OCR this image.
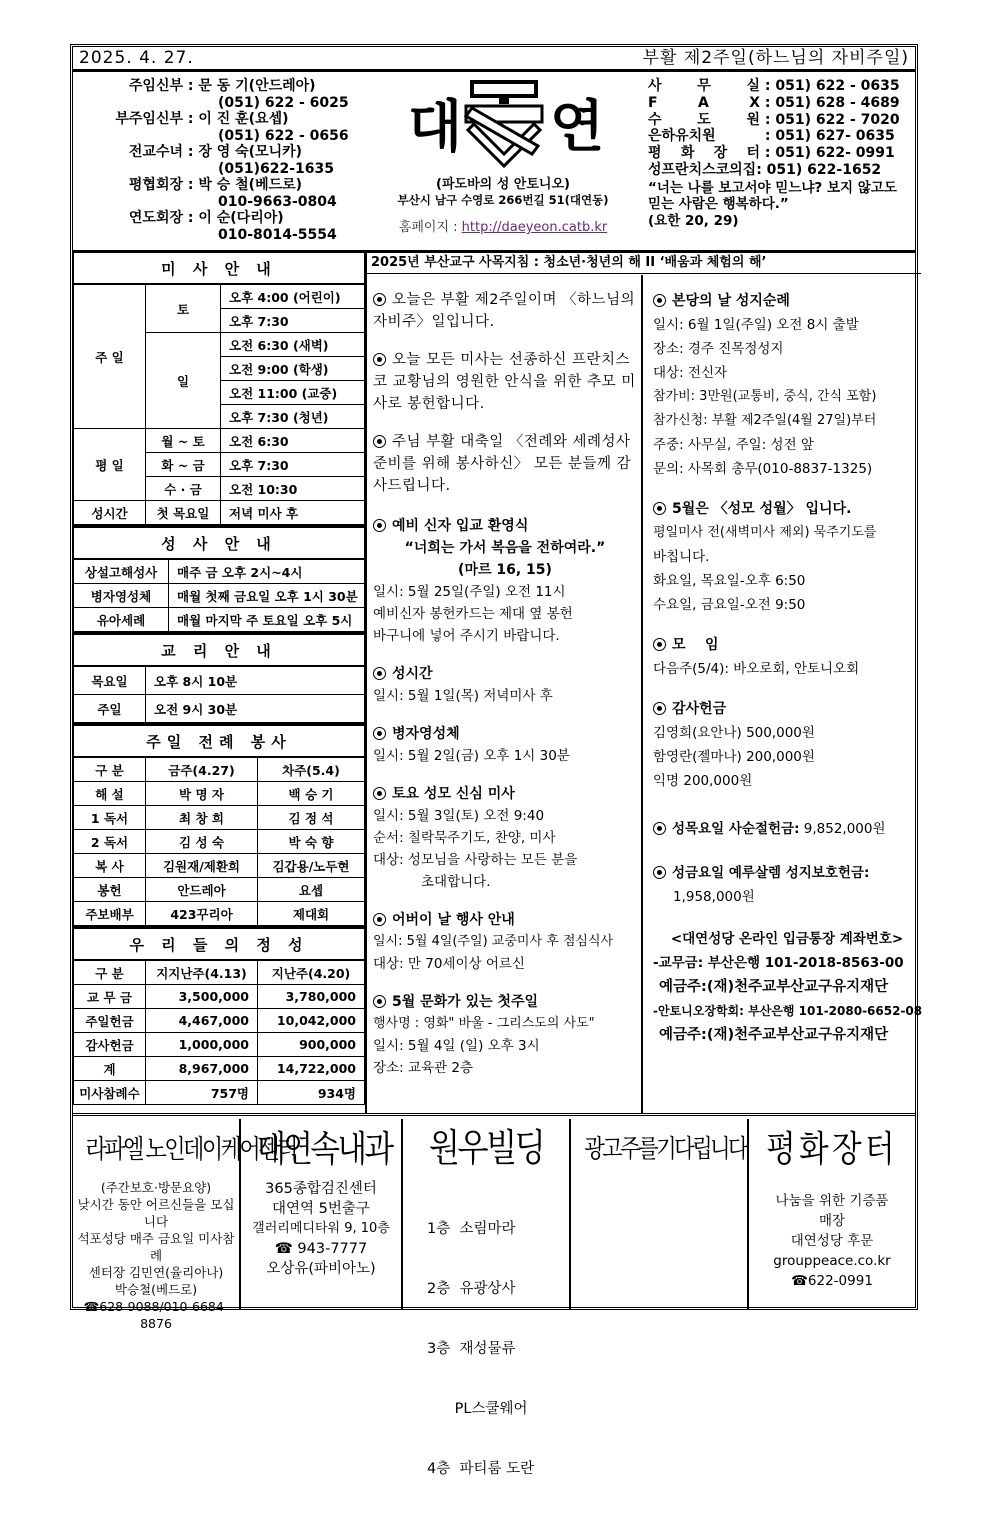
2025. 4. 27.	부활 제2주일(하느님의 자비주일)
주임신부 : 문 동 기(안드레아)
(051) 622 - 6025
부주임신부 : 이 진 훈(요셉)
(051) 622 - 0656
전교수녀 : 장 영 숙(모니카)
(051)622-1635
평협회장 : 박 승 철(베드로)
010-9663-0804
연도회장 : 이 순(다리아)
010-8014-5554
대 연
(파도바의 성 안토니오)
부산시 남구 수영로 266번길 51(대연동)
홈페이지 : http://daeyeon.catb.kr
사 무 실 : 051) 622 - 0635
F A X : 051) 628 - 4689
수 도 원 : 051) 622 - 7020
은하유치원	: 051) 627- 0635
평 화 장 터 : 051) 622- 0991
성프란치스코의집: 051) 622-1652
“너는 나를 보고서야 믿느냐? 보지 않고도 믿는 사람은 행복하다.”
(요한 20, 29)
미 사 안 내		
주 일	토	오후 4:00 (어린이)
		오후 7:30
	일	오전 6:30 (새벽)
		오전 9:00 (학생)
		오전 11:00 (교중)
		오후 7:30 (청년)
평 일	월 ~ 토	오전 6:30
	화 ~ 금	오후 7:30
	수 · 금	오전 10:30
성시간	첫 목요일	저녁 미사 후
성 사 안 내	
상설고해성사	매주 금 오후 2시~4시
병자영성체	매월 첫째 금요일 오후 1시 30분
유아세례	매월 마지막 주 토요일 오후 5시
교 리 안 내	
목요일	오후 8시 10분
주일	오전 9시 30분
주일 전례 봉사		
구 분	금주(4.27)	차주(5.4)
해 설	박 명 자	백 승 기
1 독서	최 창 희	김 정 석
2 독서	김 성 숙	박 숙 향
복 사	김원재/제환희	김갑용/노두현
봉헌	안드레아	요셉
주보배부	423꾸리아	제대회
우 리 들 의 정 성		
구 분	지지난주(4.13)	지난주(4.20)
교 무 금	3,500,000	3,780,000
주일헌금	4,467,000	10,042,000
감사헌금	1,000,000	900,000
계	8,967,000	14,722,000
미사참례수	757명	934명
2025년 부산교구 사목지침 : 청소년·청년의 해 II ‘배움과 체험의 해’
오늘은 부활 제2주일이며 〈하느님의 자비주〉일입니다.
오늘 모든 미사는 선종하신 프란치스코 교황님의 영원한 안식을 위한 추모 미사로 봉헌합니다.
주님 부활 대축일 〈전례와 세례성사 준비를 위해 봉사하신〉 모든 분들께 감사드립니다.
예비 신자 입교 환영식
“너희는 가서 복음을 전하여라.”
(마르 16, 15)
일시: 5월 25일(주일) 오전 11시
예비신자 봉헌카드는 제대 옆 봉헌
바구니에 넣어 주시기 바랍니다.
성시간
일시: 5월 1일(목) 저녁미사 후
병자영성체
일시: 5월 2일(금) 오후 1시 30분
토요 성모 신심 미사
일시: 5월 3일(토) 오전 9:40
순서: 칠락묵주기도, 찬양, 미사
대상: 성모님을 사랑하는 모든 분을
초대합니다.
어버이 날 행사 안내
일시: 5월 4일(주일) 교중미사 후 점심식사
대상: 만 70세이상 어르신
5월 문화가 있는 첫주일
행사명 : 영화" 바울 - 그리스도의 사도"
일시: 5월 4일 (일) 오후 3시
장소: 교육관 2층
본당의 날 성지순례
일시: 6월 1일(주일) 오전 8시 출발
장소: 경주 진목정성지
대상: 전신자
참가비: 3만원(교통비, 중식, 간식 포함)
참가신청: 부활 제2주일(4월 27일)부터
주중: 사무실, 주일: 성전 앞
문의: 사목회 총무(010-8837-1325)
5월은 〈성모 성월〉 입니다.
평일미사 전(새벽미사 제외) 묵주기도를
바칩니다.
화요일, 목요일-오후 6:50
수요일, 금요일-오전 9:50
모    임
다음주(5/4): 바오로회, 안토니오회
감사헌금
김영희(요안나) 500,000원
함영란(젤마나) 200,000원
익명 200,000원
성목요일 사순절헌금: 9,852,000원
성금요일 예루살렘 성지보호헌금:
1,958,000원
<대연성당 온라인 입금통장 계좌번호>
-교무금: 부산은행 101-2018-8563-00
예금주:(재)천주교부산교구유지재단
-안토니오장학회: 부산은행 101-2080-6652-08
예금주:(재)천주교부산교구유지재단
라파엘 노인데이케어센터
(주간보호·방문요양)
낮시간 동안 어르신들을 모십니다
석포성당 매주 금요일 미사참례
센터장 김민연(율리아나)
박승철(베드로)
☎628-9088/010-6684-8876
대연속내과
365종합검진센터
대연역 5번출구
갤러리메디타워 9, 10층
☎ 943-7777
오상유(파비아노)
원우빌딩

1층  소림마라

2층  유광상사

3층  재성물류

PL스쿨웨어

4층  파티룸 도란

광고주를기다립니다 평화장터
나눔을 위한 기증품
매장
대연성당 후문
grouppeace.co.kr
☎622-0991
